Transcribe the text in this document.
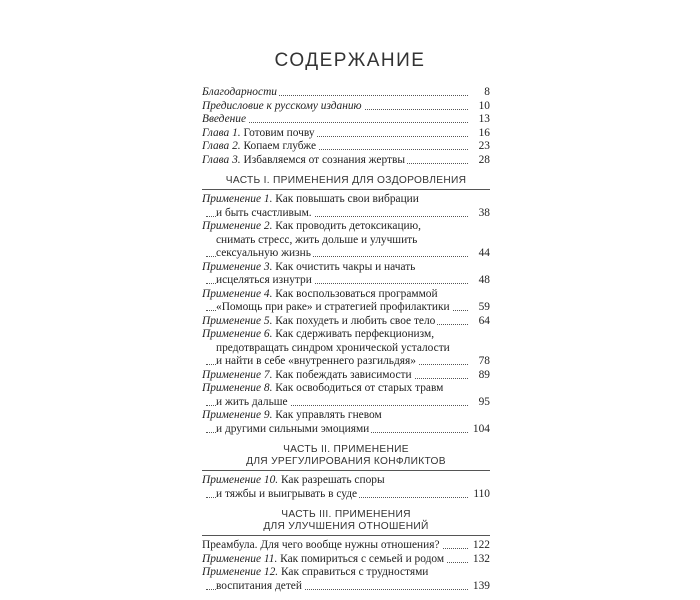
СОДЕРЖАНИЕ
Благодарности	8
Предисловие к русскому изданию	10
Введение	13
Глава 1. Готовим почву	16
Глава 2. Копаем глубже	23
Глава 3. Избавляемся от сознания жертвы	28
ЧАСТЬ I. ПРИМЕНЕНИЯ ДЛЯ ОЗДОРОВЛЕНИЯ
Применение 1. Как повышать свои вибрации
и быть счастливым.	38
Применение 2. Как проводить детоксикацию,
снимать стресс, жить дольше и улучшить
сексуальную жизнь	44
Применение 3. Как очистить чакры и начать
исцеляться изнутри	48
Применение 4. Как воспользоваться программой
«Помощь при раке» и стратегией профилактики	59
Применение 5. Как похудеть и любить свое тело	64
Применение 6. Как сдерживать перфекционизм,
предотвращать синдром хронической усталости
и найти в себе «внутреннего разгильдяя»	78
Применение 7. Как побеждать зависимости	89
Применение 8. Как освободиться от старых травм
и жить дальше	95
Применение 9. Как управлять гневом
и другими сильными эмоциями	104
ЧАСТЬ II. ПРИМЕНЕНИЕ
ДЛЯ УРЕГУЛИРОВАНИЯ КОНФЛИКТОВ
Применение 10. Как разрешать споры
и тяжбы и выигрывать в суде	110
ЧАСТЬ III. ПРИМЕНЕНИЯ
ДЛЯ УЛУЧШЕНИЯ ОТНОШЕНИЙ
Преамбула. Для чего вообще нужны отношения?	122
Применение 11. Как помириться с семьей и родом	132
Применение 12. Как справиться с трудностями
воспитания детей	139
